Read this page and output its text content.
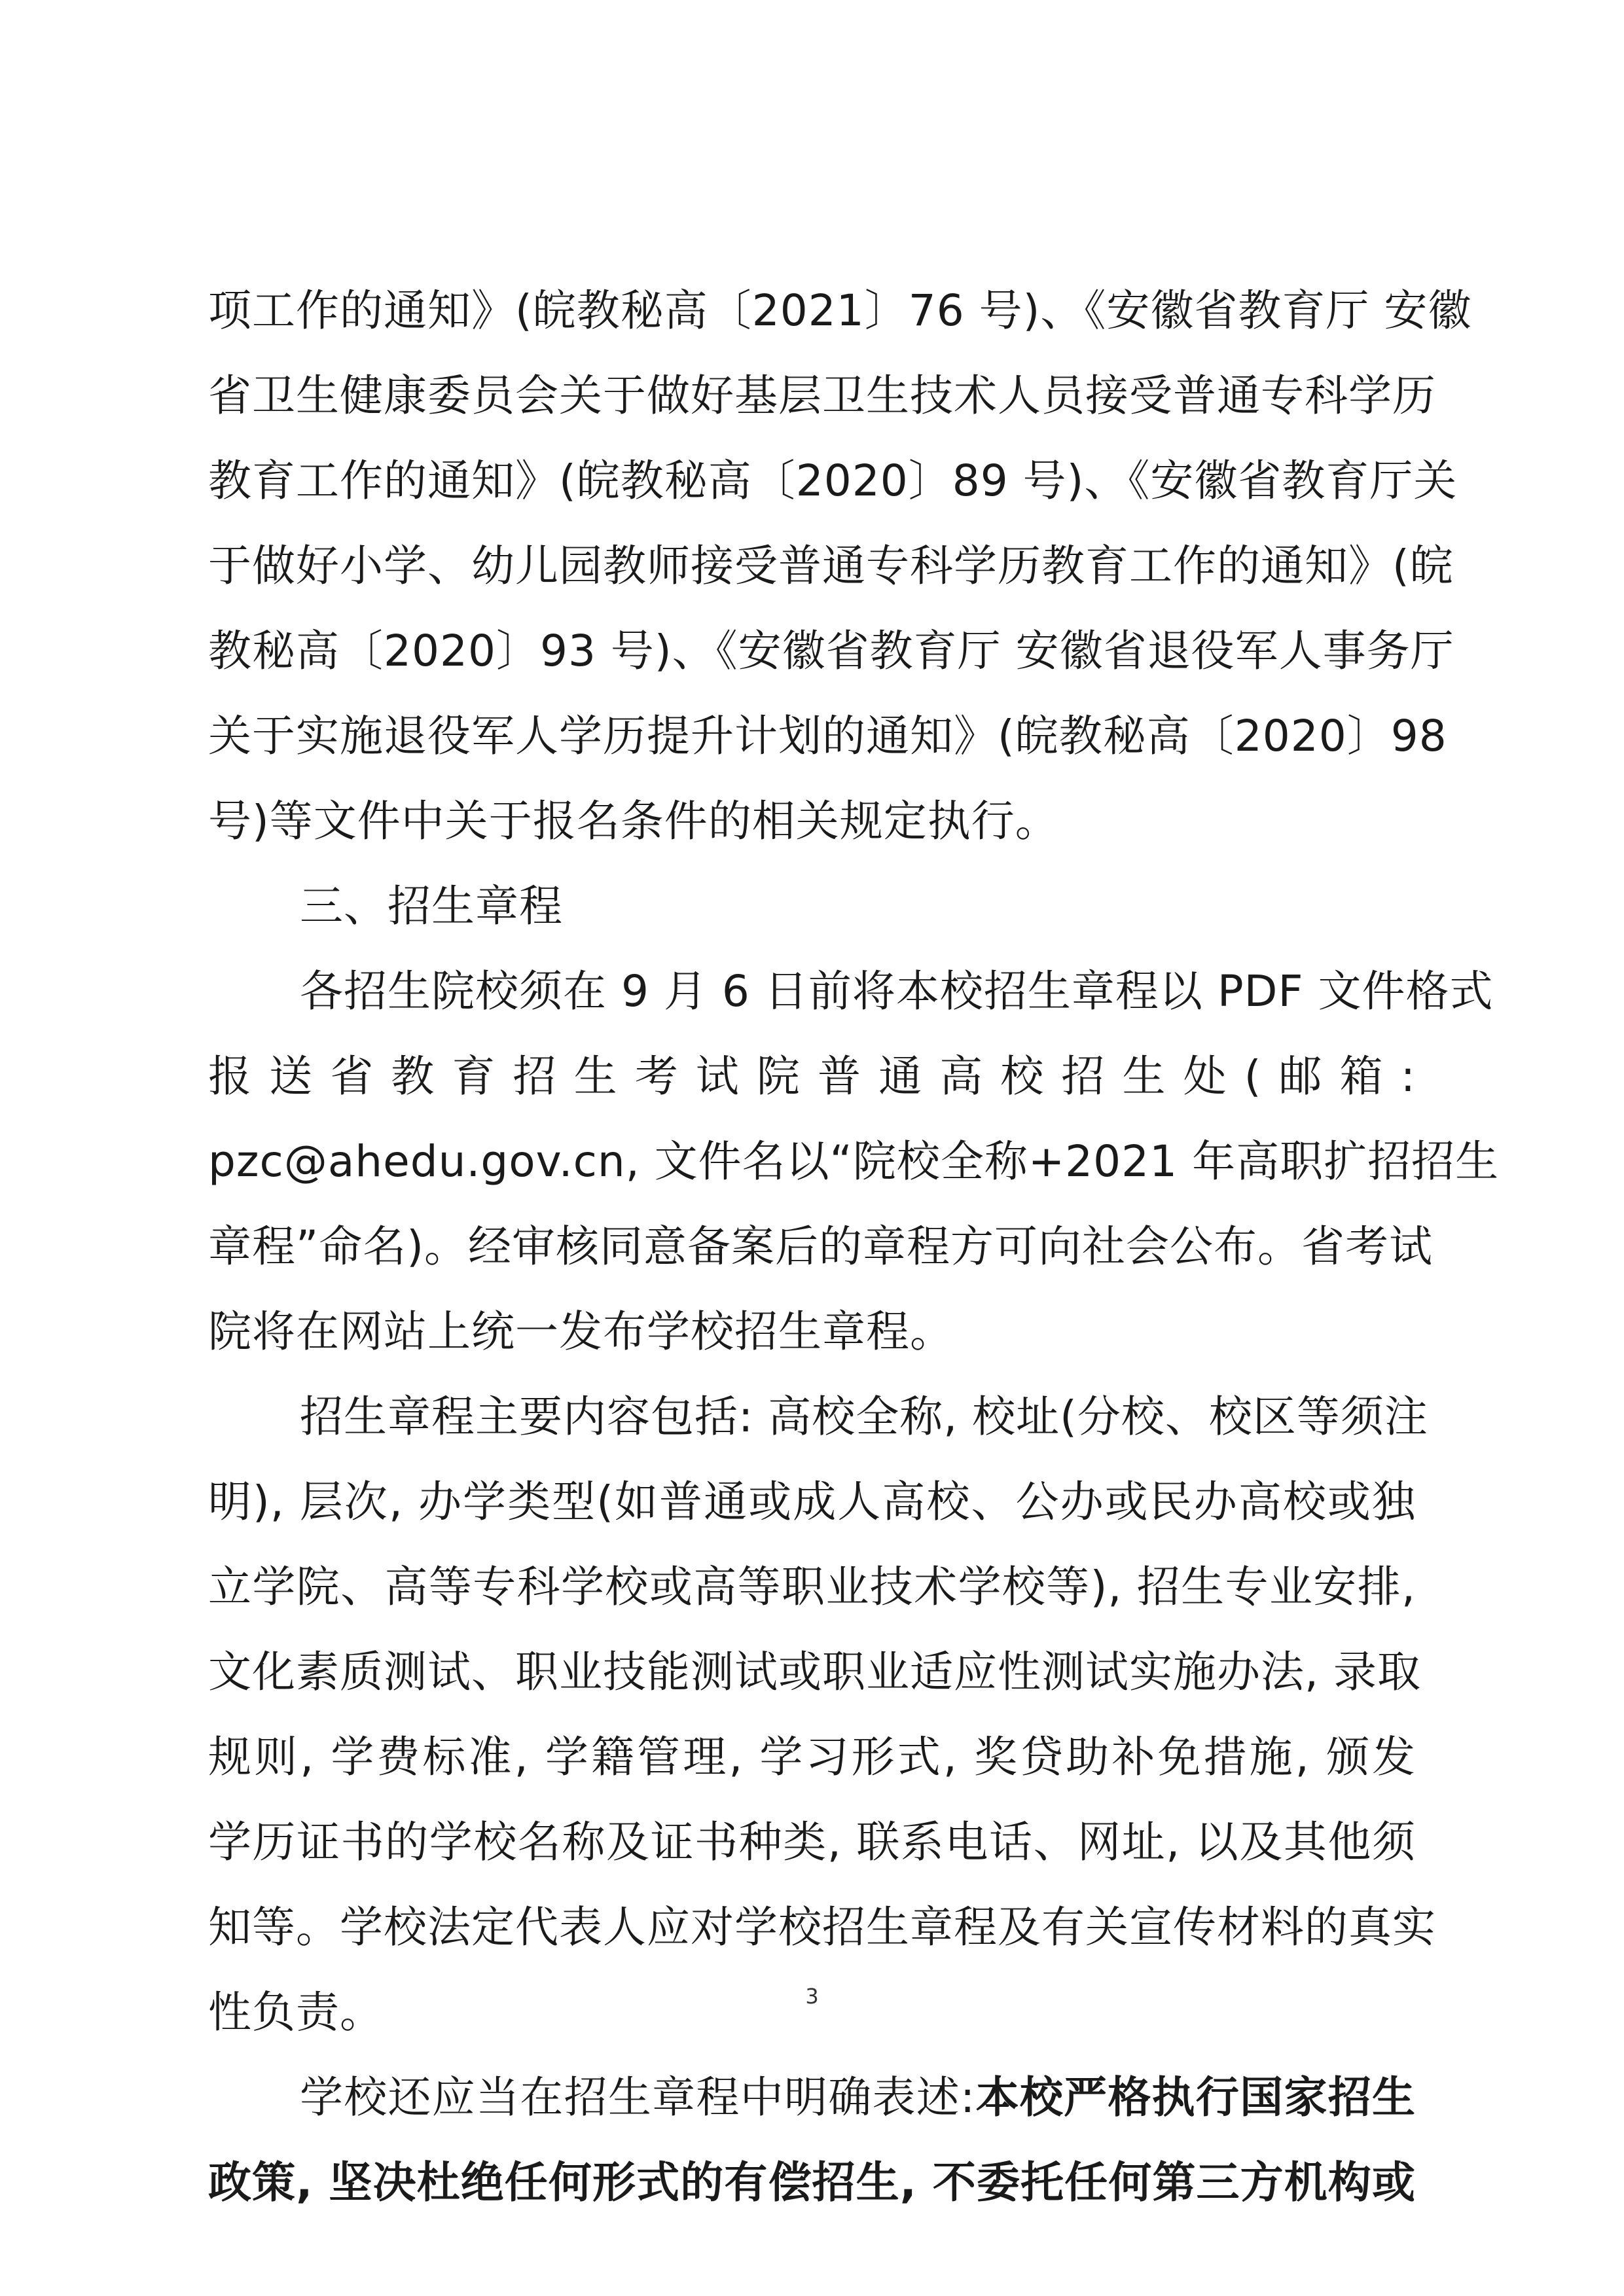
项工作的通知》(皖教秘高〔2021〕76 号)、《安徽省教育厅 安徽
省卫生健康委员会关于做好基层卫生技术人员接受普通专科学历
教育工作的通知》(皖教秘高〔2020〕89 号)、《安徽省教育厅关
于做好小学、幼儿园教师接受普通专科学历教育工作的通知》(皖
教秘高〔2020〕93 号)、《安徽省教育厅 安徽省退役军人事务厅
关于实施退役军人学历提升计划的通知》(皖教秘高〔2020〕98
号)等文件中关于报名条件的相关规定执行。
三、招生章程
各招生院校须在 9 月 6 日前将本校招生章程以 PDF 文件格式
报送省教育招生考试院普通高校招生处(邮箱:
pzc@ahedu.gov.cn, 文件名以“院校全称+2021 年高职扩招招生
章程”命名)。经审核同意备案后的章程方可向社会公布。省考试
院将在网站上统一发布学校招生章程。
招生章程主要内容包括: 高校全称, 校址(分校、校区等须注
明), 层次, 办学类型(如普通或成人高校、公办或民办高校或独
立学院、高等专科学校或高等职业技术学校等), 招生专业安排,
文化素质测试、职业技能测试或职业适应性测试实施办法, 录取
规则, 学费标准, 学籍管理, 学习形式, 奖贷助补免措施, 颁发
学历证书的学校名称及证书种类, 联系电话、网址, 以及其他须
知等。学校法定代表人应对学校招生章程及有关宣传材料的真实
性负责。
学校还应当在招生章程中明确表述:本校严格执行国家招生
政策, 坚决杜绝任何形式的有偿招生, 不委托任何第三方机构或
3
